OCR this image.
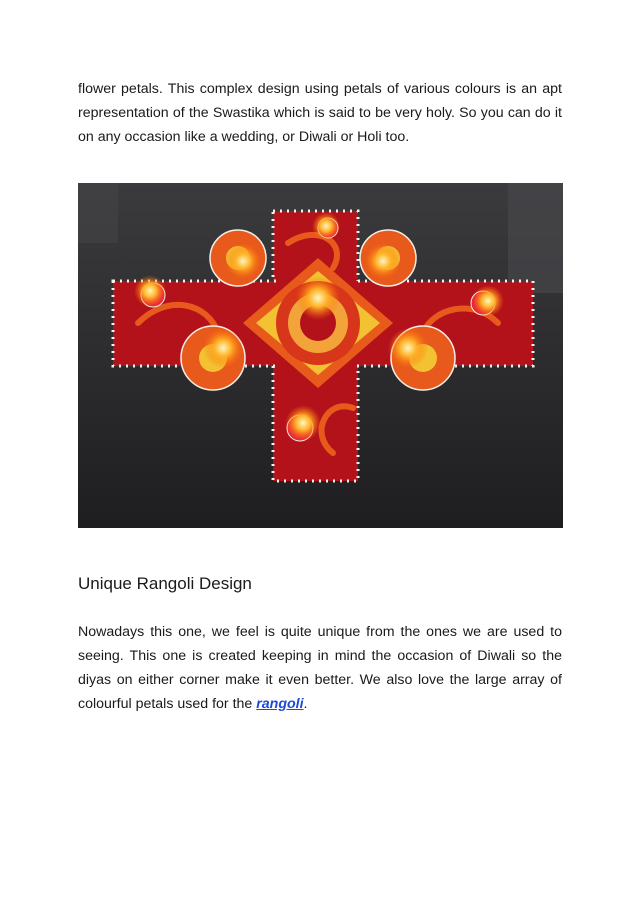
flower petals. This complex design using petals of various colours is an apt representation of the Swastika which is said to be very holy. So you can do it on any occasion like a wedding, or Diwali or Holi too.

Unique Rangoli Design

Nowadays this one, we feel is quite unique from the ones we are used to seeing. This one is created keeping in mind the occasion of Diwali so the diyas on either corner make it even better. We also love the large array of colourful petals used for the rangoli.
